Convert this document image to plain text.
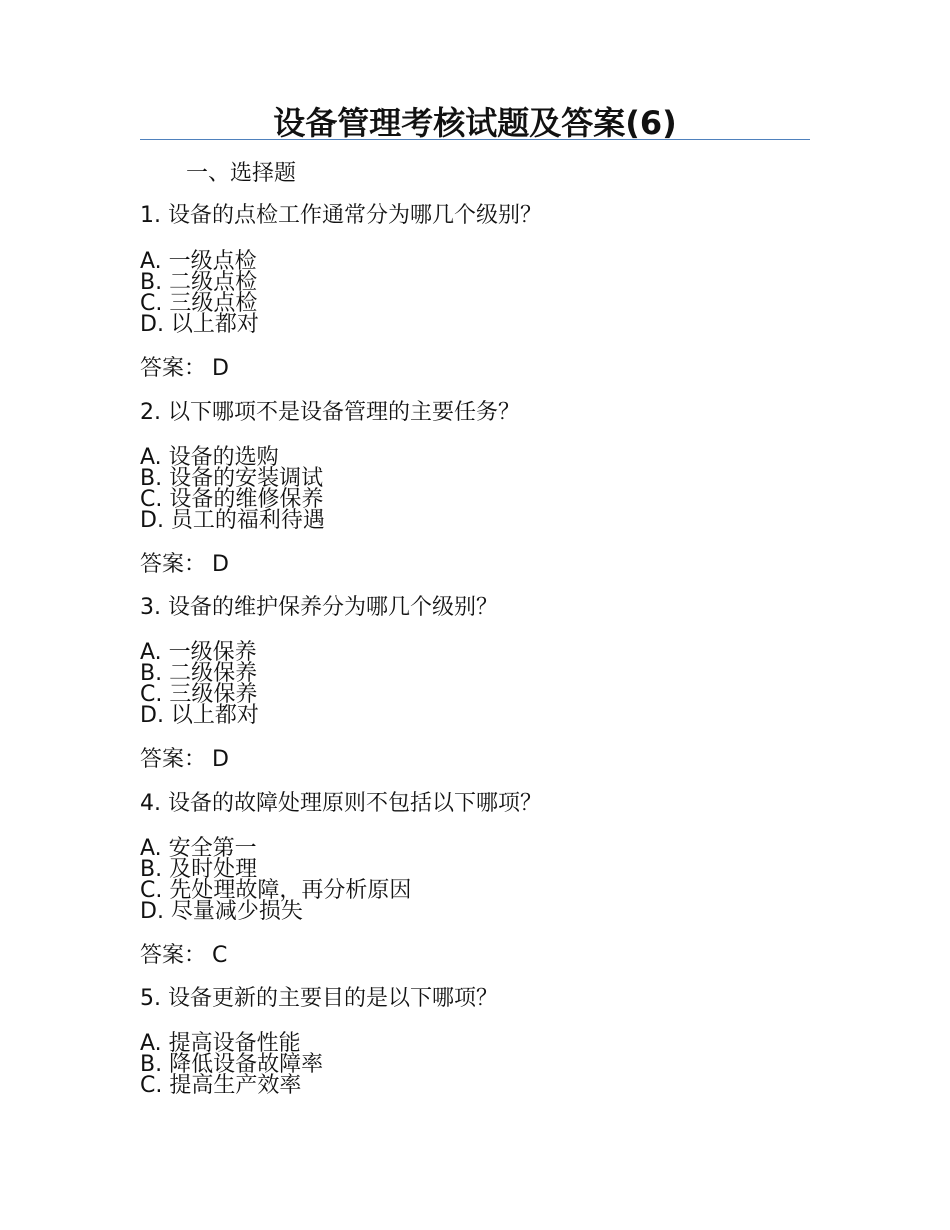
设备管理考核试题及答案(6)
一、选择题
1. 设备的点检工作通常分为哪几个级别？
A. 一级点检
B. 二级点检
C. 三级点检
D. 以上都对
答案： D
2. 以下哪项不是设备管理的主要任务？
A. 设备的选购
B. 设备的安装调试
C. 设备的维修保养
D. 员工的福利待遇
答案： D
3. 设备的维护保养分为哪几个级别？
A. 一级保养
B. 二级保养
C. 三级保养
D. 以上都对
答案： D
4. 设备的故障处理原则不包括以下哪项？
A. 安全第一
B. 及时处理
C. 先处理故障，再分析原因
D. 尽量减少损失
答案： C
5. 设备更新的主要目的是以下哪项？
A. 提高设备性能
B. 降低设备故障率
C. 提高生产效率
